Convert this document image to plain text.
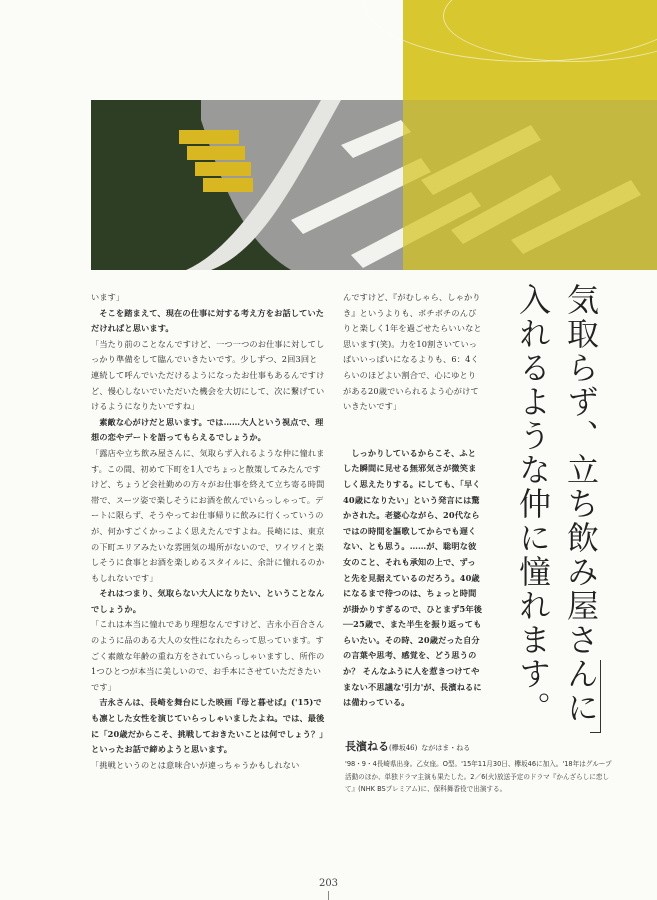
います」

そこを踏まえて、現在の仕事に対する考え方をお話していただければと思います。

「当たり前のことなんですけど、一つ一つのお仕事に対してしっかり準備をして臨んでいきたいです。少しずつ、2回3回と連続して呼んでいただけるようになったお仕事もあるんですけど、慢心しないでいただいた機会を大切にして、次に繋げていけるようになりたいですね」

素敵な心がけだと思います。では……大人という視点で、理想の恋やデートを語ってもらえるでしょうか。

「露店や立ち飲み屋さんに、気取らず入れるような仲に憧れます。この間、初めて下町を1人でちょっと散策してみたんですけど、ちょうど会社勤めの方々がお仕事を終えて立ち寄る時間帯で、スーツ姿で楽しそうにお酒を飲んでいらっしゃって。デートに限らず、そうやってお仕事帰りに飲みに行くっていうのが、何かすごくかっこよく思えたんですよね。長崎には、東京の下町エリアみたいな雰囲気の場所がないので、ワイワイと楽しそうに食事とお酒を楽しめるスタイルに、余計に憧れるのかもしれないです」

それはつまり、気取らない大人になりたい、ということなんでしょうか。

「これは本当に憧れであり理想なんですけど、吉永小百合さんのように品のある大人の女性になれたらって思っています。すごく素敵な年齢の重ね方をされていらっしゃいますし、所作の1つひとつが本当に美しいので、お手本にさせていただきたいです」

吉永さんは、長崎を舞台にした映画『母と暮せば』('15)でも凛とした女性を演じていらっしゃいましたよね。では、最後に「20歳だからこそ、挑戦しておきたいことは何でしょう？」といったお話で締めようと思います。

「挑戦というのとは意味合いが違っちゃうかもしれない

んですけど、『がむしゃら、しゃかりき』というよりも、ボチボチのんびりと楽しく1年を過ごせたらいいなと思います(笑)。力を10割さいていっぱいいっぱいになるよりも、6：4くらいのほどよい割合で、心にゆとりがある20歳でいられるよう心がけていきたいです」

しっかりしているからこそ、ふとした瞬間に見せる無邪気さが微笑ましく思えたりする。にしても、「早く40歳になりたい」という発言には驚かされた。老婆心ながら、20代ならではの時間を謳歌してからでも遅くない、とも思う。……が、聡明な彼女のこと、それも承知の上で、ずっと先を見据えているのだろう。40歳になるまで待つのは、ちょっと時間が掛かりすぎるので、ひとまず5年後──25歳で、また半生を振り返ってもらいたい。その時、20歳だった自分の言葉や思考、感覚を、どう思うのか？ そんなふうに人を惹きつけてやまない不思議な'引力'が、長濱ねるには備わっている。	気取らず、立ち飲み屋さんに入れるような仲に憧れます。
長濱ねる(欅坂46) ながはま・ねる
'98・9・4長崎県出身。乙女座。O型。'15年11月30日、欅坂46に加入。'18年はグループ活動のほか、単独ドラマ主演も果たした。2／6(火)放送予定のドラマ『かんざらしに恋して』(NHK BSプレミアム)に、保科舞香役で出演する。
203
